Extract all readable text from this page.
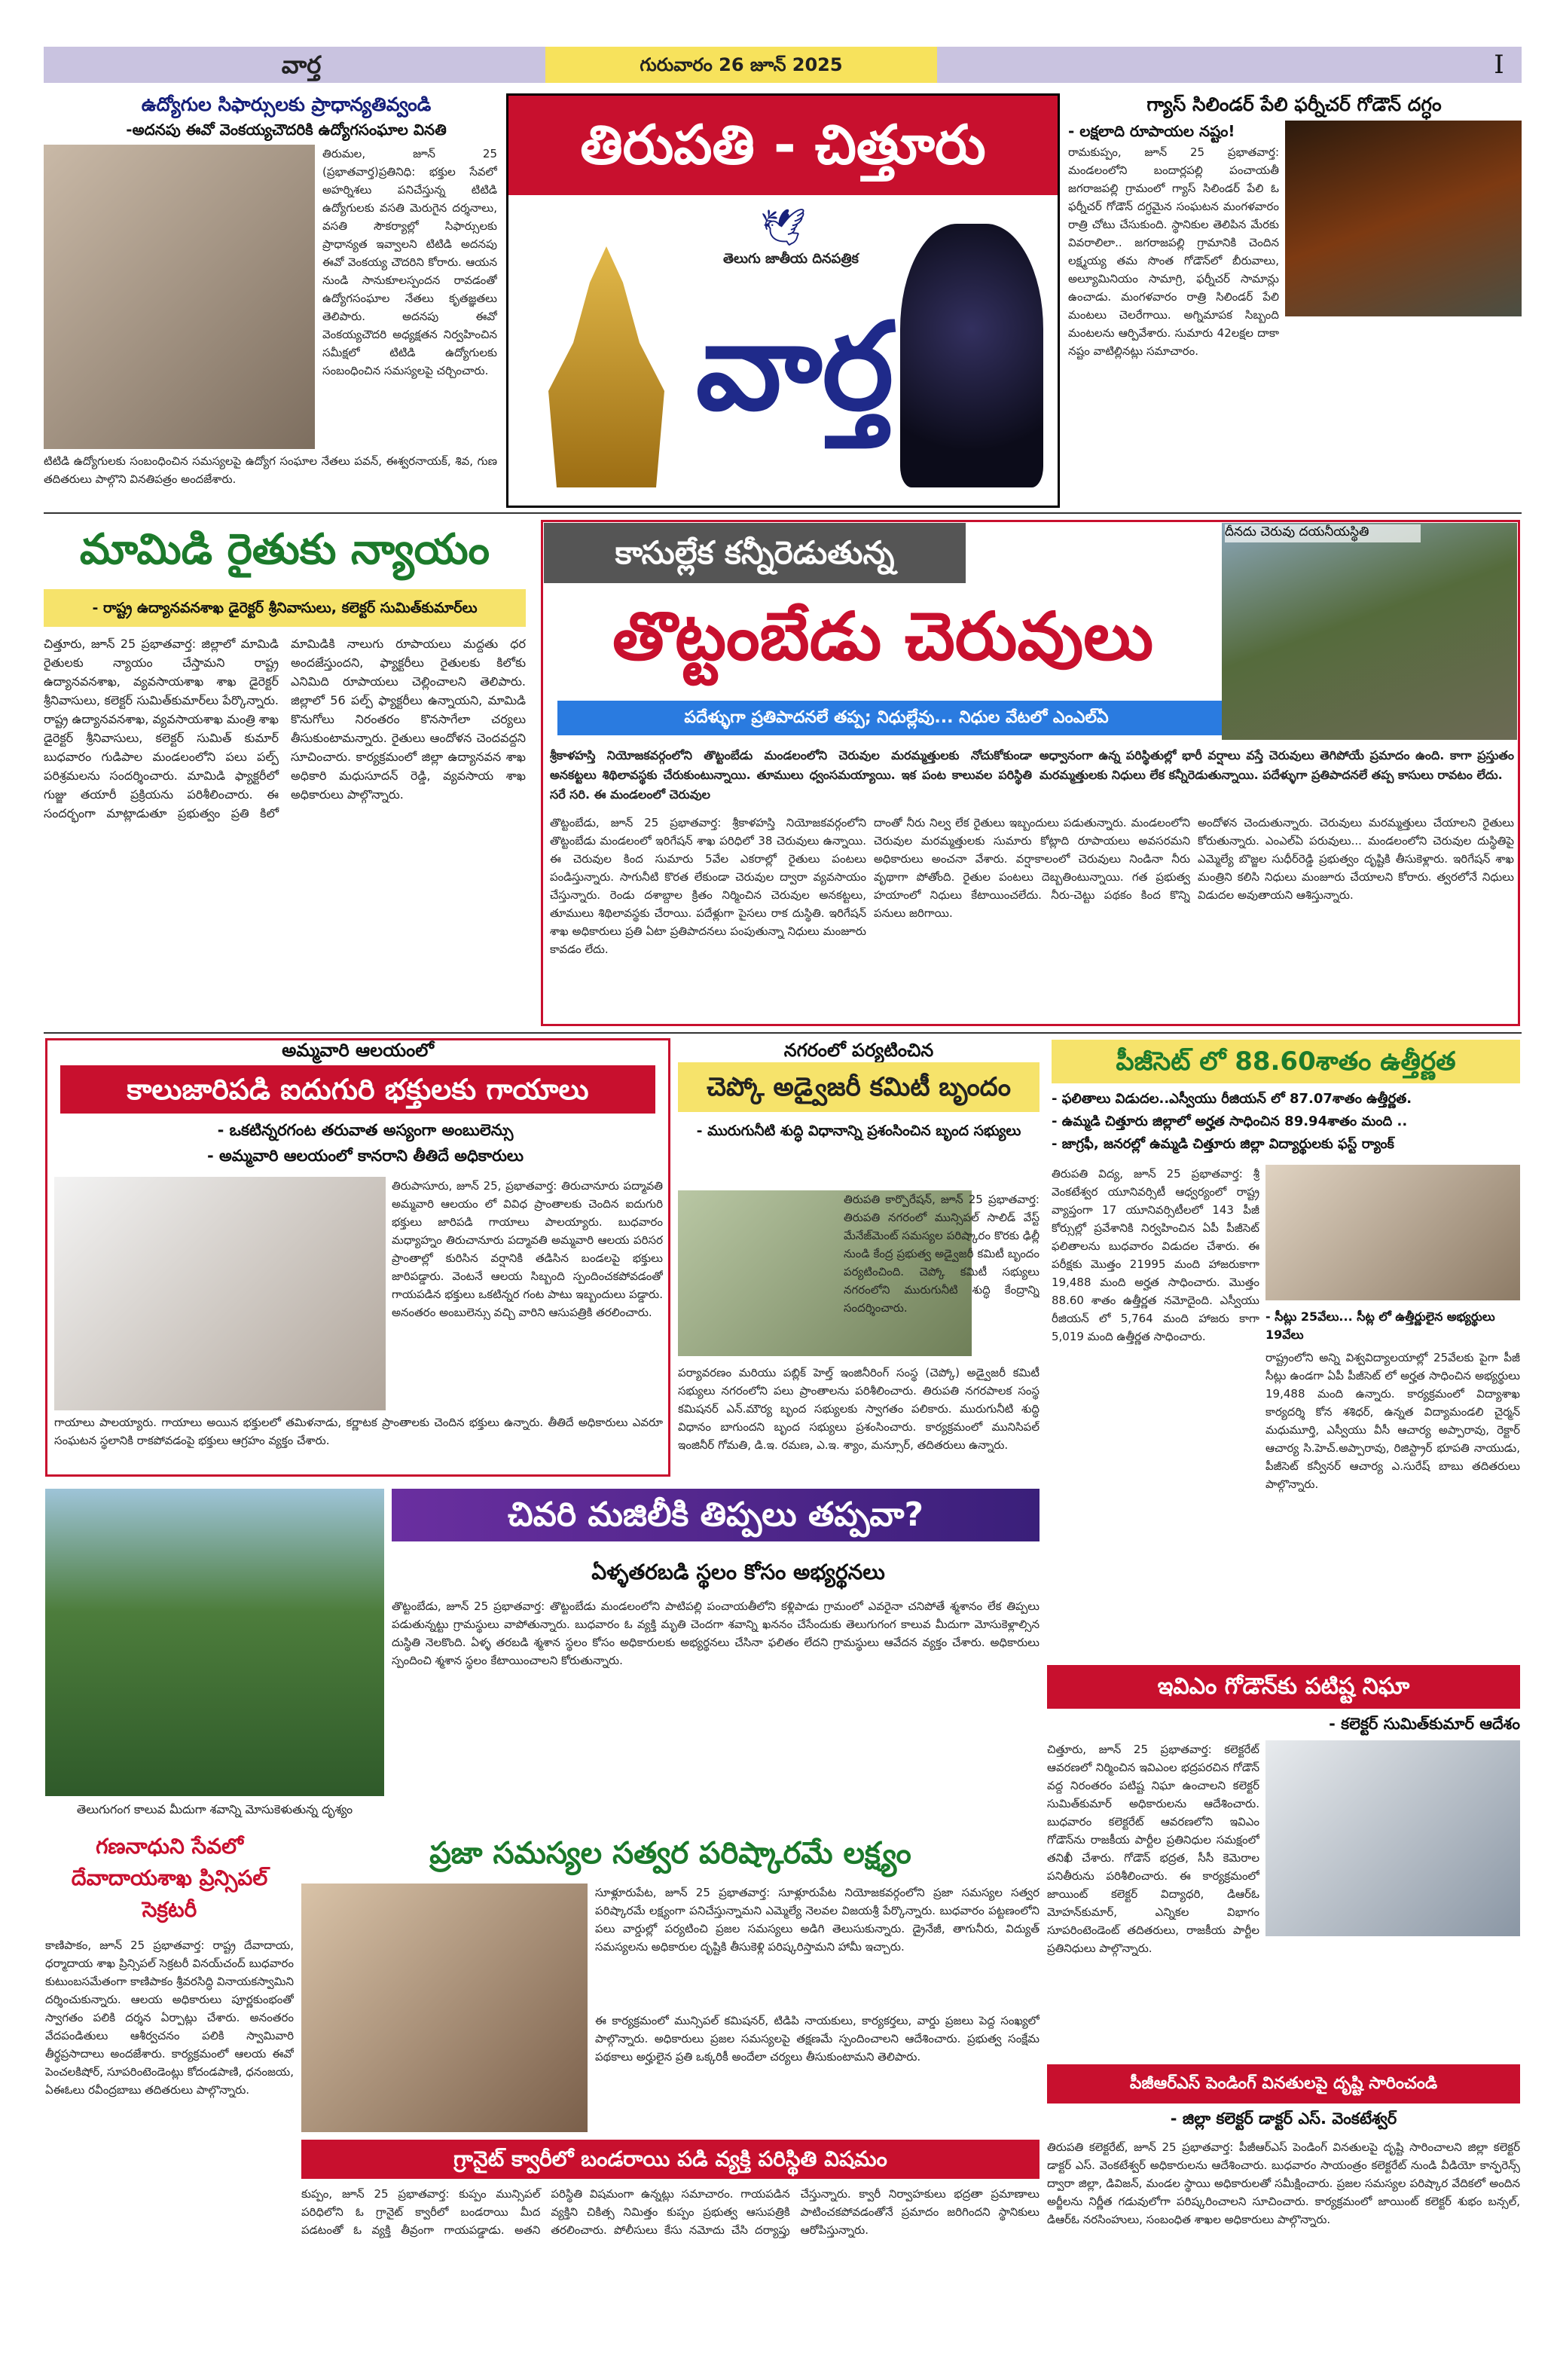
వార్త	గురువారం 26 జూన్ 2025	I
ఉద్యోగుల సిఫార్సులకు ప్రాధాన్యతివ్వండి
-అదనపు ఈవో వెంకయ్యచౌదరికి ఉద్యోగసంఘాల వినతి
తిరుమల, జూన్ 25 (ప్రభాతవార్త)ప్రతినిధి: భక్తుల సేవలో అహర్నిశలు పనిచేస్తున్న టిటిడి ఉద్యోగులకు వసతి మెరుగైన దర్శనాలు, వసతి సౌకర్యాల్లో సిఫార్సులకు ప్రాధాన్యత ఇవ్వాలని టిటిడి అదనపు ఈవో వెంకయ్య చౌదరిని కోరారు. ఆయన నుండి సానుకూలస్పందన రావడంతో ఉద్యోగసంఘాల నేతలు కృతజ్ఞతలు తెలిపారు. అదనపు ఈవో వెంకయ్యచౌదరి అధ్యక్షతన నిర్వహించిన సమీక్షలో టిటిడి ఉద్యోగులకు సంబంధించిన సమస్యలపై చర్చించారు.
టిటిడి ఉద్యోగులకు సంబంధించిన సమస్యలపై ఉద్యోగ సంఘాల నేతలు పవన్, ఈశ్వరనాయక్, శివ, గుణ తదితరులు పాల్గొని వినతిపత్రం అందజేశారు.
తిరుపతి - చిత్తూరు
🕊
తెలుగు జాతీయ దినపత్రిక
వార్త
గ్యాస్ సిలిండర్ పేలి ఫర్నీచర్ గోడౌన్ దగ్ధం
- లక్షలాది రూపాయల నష్టం!
రామకుప్పం, జూన్ 25 ప్రభాతవార్త: మండలంలోని బందార్లపల్లి పంచాయతీ జగరాజపల్లి గ్రామంలో గ్యాస్ సిలిండర్ పేలి ఓ ఫర్నీచర్ గోడౌన్ దగ్ధమైన సంఘటన మంగళవారం రాత్రి చోటు చేసుకుంది. స్థానికుల తెలిపిన మేరకు వివరాలిలా.. జగరాజపల్లి గ్రామానికి చెందిన లక్ష్మయ్య తమ సొంత గోడౌన్‌లో బీరువాలు, అల్యూమినియం సామాగ్రి, ఫర్నీచర్ సామాన్లు ఉంచాడు. మంగళవారం రాత్రి సిలిండర్ పేలి మంటలు చెలరేగాయి. అగ్నిమాపక సిబ్బంది మంటలను ఆర్పివేశారు. సుమారు 42లక్షల దాకా నష్టం వాటిల్లినట్లు సమాచారం.
మామిడి రైతుకు న్యాయం
- రాష్ట్ర ఉద్యానవనశాఖ డైరెక్టర్ శ్రీనివాసులు, కలెక్టర్ సుమిత్‌కుమార్‌లు
చిత్తూరు, జూన్ 25 ప్రభాతవార్త: జిల్లాలో మామిడి రైతులకు న్యాయం చేస్తామని రాష్ట్ర ఉద్యానవనశాఖ, వ్యవసాయశాఖ శాఖ డైరెక్టర్ శ్రీనివాసులు, కలెక్టర్ సుమిత్‌కుమార్‌లు పేర్కొన్నారు. రాష్ట్ర ఉద్యానవనశాఖ, వ్యవసాయశాఖ మంత్రి శాఖ డైరెక్టర్ శ్రీనివాసులు, కలెక్టర్ సుమిత్ కుమార్ బుధవారం గుడిపాల మండలంలోని పలు పల్ప్ పరిశ్రమలను సందర్శించారు. మామిడి ఫ్యాక్టరీలో గుజ్జు తయారీ ప్రక్రియను పరిశీలించారు. ఈ సందర్భంగా మాట్లాడుతూ ప్రభుత్వం ప్రతి కిలో మామిడికి నాలుగు రూపాయలు మద్దతు ధర అందజేస్తుందని, ఫ్యాక్టరీలు రైతులకు కిలోకు ఎనిమిది రూపాయలు చెల్లించాలని తెలిపారు. జిల్లాలో 56 పల్ప్ ఫ్యాక్టరీలు ఉన్నాయని, మామిడి కొనుగోలు నిరంతరం కొనసాగేలా చర్యలు తీసుకుంటామన్నారు. రైతులు ఆందోళన చెందవద్దని సూచించారు. కార్యక్రమంలో జిల్లా ఉద్యానవన శాఖ అధికారి మధుసూదన్ రెడ్డి, వ్యవసాయ శాఖ అధికారులు పాల్గొన్నారు.
కాసుల్లేక కన్నీరెడుతున్న
తొట్టంబేడు చెరువులు
పదేళ్ళుగా ప్రతిపాదనలే తప్ప; నిధుల్లేవు... నిధుల వేటలో ఎంఎల్ఏ
దీనదు చెరువు దయనీయస్థితి
శ్రీకాళహస్తి నియోజకవర్గంలోని తొట్టంబేడు మండలంలోని చెరువుల మరమ్మత్తులకు నోచుకోకుండా అనకట్టలు శిథిలావస్థకు చేరుకుంటున్నాయి. తూములు ధ్వంసమయ్యాయి. ఇక పంట కాలువల పరిస్థితి సరే సరి. ఈ మండలంలో చెరువుల
అధ్వానంగా ఉన్న పరిస్థితుల్లో భారీ వర్షాలు వస్తే చెరువులు తెగిపోయే ప్రమాదం ఉంది. కాగా ప్రస్తుతం మరమ్మత్తులకు నిధులు లేక కన్నీరెడుతున్నాయి. పదేళ్ళుగా ప్రతిపాదనలే తప్ప కాసులు రావటం లేదు.
తొట్టంబేడు, జూన్ 25 ప్రభాతవార్త: శ్రీకాళహస్తి నియోజకవర్గంలోని తొట్టంబేడు మండలంలో ఇరిగేషన్ శాఖ పరిధిలో 38 చెరువులు ఉన్నాయి. ఈ చెరువుల కింద సుమారు 5వేల ఎకరాల్లో రైతులు పంటలు పండిస్తున్నారు. సాగునీటి కొరత లేకుండా చెరువుల ద్వారా వ్యవసాయం చేస్తున్నారు. రెండు దశాబ్దాల క్రితం నిర్మించిన చెరువుల అనకట్టలు, తూములు శిథిలావస్థకు చేరాయి. పదేళ్లుగా పైసలు రాక దుస్థితి. ఇరిగేషన్ శాఖ అధికారులు ప్రతి ఏటా ప్రతిపాదనలు పంపుతున్నా నిధులు మంజూరు కావడం లేదు.
దాంతో నీరు నిల్వ లేక రైతులు ఇబ్బందులు పడుతున్నారు. మండలంలోని చెరువుల మరమ్మత్తులకు సుమారు కోట్లాది రూపాయలు అవసరమని అధికారులు అంచనా వేశారు. వర్షాకాలంలో చెరువులు నిండినా నీరు వృథాగా పోతోంది. రైతుల పంటలు దెబ్బతింటున్నాయి. గత ప్రభుత్వ హయాంలో నిధులు కేటాయించలేదు. నీరు-చెట్టు పథకం కింద కొన్ని పనులు జరిగాయి.
అందోళన చెందుతున్నారు. చెరువులు మరమ్మత్తులు చేయాలని రైతులు కోరుతున్నారు. ఎంఎల్‌ఏ పరువులు... మండలంలోని చెరువుల దుస్థితిపై ఎమ్మెల్యే బొజ్జల సుధీర్‌రెడ్డి ప్రభుత్వం దృష్టికి తీసుకెళ్లారు. ఇరిగేషన్ శాఖ మంత్రిని కలిసి నిధులు మంజూరు చేయాలని కోరారు. త్వరలోనే నిధులు విడుదల అవుతాయని ఆశిస్తున్నారు.
అమ్మవారి ఆలయంలో
కాలుజారిపడి ఐదుగురి భక్తులకు గాయాలు
- ఒకటిన్నరగంట తరువాత అస్యంగా అంబులెన్సు
- అమ్మవారి ఆలయంలో కానరాని తీతిదే అధికారులు
తిరుపాసూరు, జూన్ 25, ప్రభాతవార్త: తిరుచానూరు పద్మావతి అమ్మవారి ఆలయం లో వివిధ ప్రాంతాలకు చెందిన ఐదుగురి భక్తులు జారిపడి గాయాలు పాలయ్యారు. బుధవారం మధ్యాహ్నం తిరుచానూరు పద్మావతి అమ్మవారి ఆలయ పరిసర ప్రాంతాల్లో కురిసిన వర్షానికి తడిసిన బండలపై భక్తులు జారిపడ్డారు. వెంటనే ఆలయ సిబ్బంది స్పందించకపోవడంతో గాయపడిన భక్తులు ఒకటిన్నర గంట పాటు ఇబ్బందులు పడ్డారు. అనంతరం అంబులెన్సు వచ్చి వారిని ఆసుపత్రికి తరలించారు.
గాయాలు పాలయ్యారు. గాయాలు అయిన భక్తులలో తమిళనాడు, కర్ణాటక ప్రాంతాలకు చెందిన భక్తులు ఉన్నారు. తీతిదే అధికారులు ఎవరూ సంఘటన స్థలానికి రాకపోవడంపై భక్తులు ఆగ్రహం వ్యక్తం చేశారు.
నగరంలో పర్యటించిన
చెప్కో అడ్వైజరీ కమిటీ బృందం
- మురుగునీటి శుద్ధి విధానాన్ని ప్రశంసించిన బృంద సభ్యులు
తిరుపతి కార్పొరేషన్, జూన్ 25 ప్రభాతవార్త: తిరుపతి నగరంలో మున్సిపల్ సాలిడ్ వేస్ట్ మేనేజ్‌మెంట్ సమస్యల పరిష్కారం కొరకు ఢిల్లీ నుండి కేంద్ర ప్రభుత్వ అడ్వైజరీ కమిటీ బృందం పర్యటించింది. చెప్కో కమిటీ సభ్యులు నగరంలోని మురుగునీటి శుద్ధి కేంద్రాన్ని సందర్శించారు.
పర్యావరణం మరియు పబ్లిక్ హెల్త్ ఇంజినీరింగ్ సంస్థ (చెప్కో) అడ్వైజరీ కమిటీ సభ్యులు నగరంలోని పలు ప్రాంతాలను పరిశీలించారు. తిరుపతి నగరపాలక సంస్థ కమిషనర్ ఎన్.మౌర్య బృంద సభ్యులకు స్వాగతం పలికారు. మురుగునీటి శుద్ధి విధానం బాగుందని బృంద సభ్యులు ప్రశంసించారు. కార్యక్రమంలో మునిసిపల్ ఇంజినీర్ గోమతి, డి.ఇ. రమణ, ఎ.ఇ. శ్యాం, మన్సూర్, తదితరులు ఉన్నారు.
పీజీసెట్ లో 88.60శాతం ఉత్తీర్ణత
- ఫలితాలు విడుదల..ఎస్వీయు రీజియన్ లో 87.07శాతం ఉత్తీర్ణత.
- ఉమ్మడి చిత్తూరు జిల్లాలో అర్హత సాధించిన 89.94శాతం మంది ..
- జాగ్రఫీ, జనరల్లో ఉమ్మడి చిత్తూరు జిల్లా విద్యార్థులకు ఫస్ట్ ర్యాంక్
తిరుపతి విద్య, జూన్ 25 ప్రభాతవార్త: శ్రీ వెంకటేశ్వర యూనివర్సిటీ ఆధ్వర్యంలో రాష్ట్ర వ్యాప్తంగా 17 యూనివర్సిటీలలో 143 పీజీ కోర్సుల్లో ప్రవేశానికి నిర్వహించిన ఏపీ పీజీసెట్ ఫలితాలను బుధవారం విడుదల చేశారు. ఈ పరీక్షకు మొత్తం 21995 మంది హాజరుకాగా 19,488 మంది అర్హత సాధించారు. మొత్తం 88.60 శాతం ఉత్తీర్ణత నమోదైంది. ఎస్వీయు రీజియన్ లో 5,764 మంది హాజరు కాగా 5,019 మంది ఉత్తీర్ణత సాధించారు.
- సీట్లు 25వేలు... సీట్ల లో ఉత్తీర్ణులైన అభ్యర్థులు 19వేలు
రాష్ట్రంలోని అన్ని విశ్వవిద్యాలయాల్లో 25వేలకు పైగా పీజీ సీట్లు ఉండగా ఏపీ పీజీసెట్ లో అర్హత సాధించిన అభ్యర్థులు 19,488 మంది ఉన్నారు. కార్యక్రమంలో విద్యాశాఖ కార్యదర్శి కోన శశిధర్, ఉన్నత విద్యామండలి చైర్మన్ మధుమూర్తి, ఎస్వీయు వీసీ ఆచార్య అప్పారావు, రెక్టార్ ఆచార్య సి.హెచ్.అప్పారావు, రిజిస్ట్రార్ భూపతి నాయుడు, పీజీసెట్ కన్వీనర్ ఆచార్య ఎ.సురేష్ బాబు తదితరులు పాల్గొన్నారు.
చివరి మజిలీకి తిప్పలు తప్పవా?
తెలుగుగంగ కాలువ మీదుగా శవాన్ని మోసుకెళుతున్న దృశ్యం
ఏళ్ళతరబడి స్థలం కోసం అభ్యర్థనలు
తొట్టంబేడు, జూన్ 25 ప్రభాతవార్త: తొట్టంబేడు మండలంలోని పాటిపల్లి పంచాయతీలోని కళ్లిపాడు గ్రామంలో ఎవరైనా చనిపోతే శ్మశానం లేక తిప్పలు పడుతున్నట్టు గ్రామస్థులు వాపోతున్నారు. బుధవారం ఓ వ్యక్తి మృతి చెందగా శవాన్ని ఖననం చేసేందుకు తెలుగుగంగ కాలువ మీదుగా మోసుకెళ్లాల్సిన దుస్థితి నెలకొంది. ఏళ్ళ తరబడి శ్మశాన స్థలం కోసం అధికారులకు అభ్యర్థనలు చేసినా ఫలితం లేదని గ్రామస్థులు ఆవేదన వ్యక్తం చేశారు. అధికారులు స్పందించి శ్మశాన స్థలం కేటాయించాలని కోరుతున్నారు.
ఇవిఎం గోడౌన్‌కు పటిష్ట నిఘా
- కలెక్టర్ సుమిత్‌కుమార్ ఆదేశం
చిత్తూరు, జూన్ 25 ప్రభాతవార్త: కలెక్టరేట్ ఆవరణలో నిర్మించిన ఇవిఎంల భద్రపరచిన గోడౌన్ వద్ద నిరంతరం పటిష్ట నిఘా ఉంచాలని కలెక్టర్ సుమిత్‌కుమార్ అధికారులను ఆదేశించారు. బుధవారం కలెక్టరేట్ ఆవరణలోని ఇవిఎం గోడౌన్‌ను రాజకీయ పార్టీల ప్రతినిధుల సమక్షంలో తనిఖీ చేశారు. గోడౌన్ భద్రత, సీసీ కెమెరాల పనితీరును పరిశీలించారు. ఈ కార్యక్రమంలో జాయింట్ కలెక్టర్ విద్యాధరి, డిఆర్‌ఓ మోహన్‌కుమార్, ఎన్నికల విభాగం సూపరింటెండెంట్ తదితరులు, రాజకీయ పార్టీల ప్రతినిధులు పాల్గొన్నారు.
పీజీఆర్ఎస్ పెండింగ్ వినతులపై దృష్టి సారించండి
- జిల్లా కలెక్టర్ డాక్టర్ ఎస్. వెంకటేశ్వర్
తిరుపతి కలెక్టరేట్, జూన్ 25 ప్రభాతవార్త: పీజీఆర్ఎస్ పెండింగ్ వినతులపై దృష్టి సారించాలని జిల్లా కలెక్టర్ డాక్టర్ ఎస్. వెంకటేశ్వర్ అధికారులను ఆదేశించారు. బుధవారం సాయంత్రం కలెక్టరేట్ నుండి వీడియో కాన్ఫరెన్స్ ద్వారా జిల్లా, డివిజన్, మండల స్థాయి అధికారులతో సమీక్షించారు. ప్రజల సమస్యల పరిష్కార వేదికలో అందిన అర్జీలను నిర్ణీత గడువులోగా పరిష్కరించాలని సూచించారు. కార్యక్రమంలో జాయింట్ కలెక్టర్ శుభం బన్సల్, డిఆర్‌ఓ నరసింహులు, సంబంధిత శాఖల అధికారులు పాల్గొన్నారు.
గణనాధుని సేవలో దేవాదాయశాఖ ప్రిన్సిపల్ సెక్రటరీ
కాణిపాకం, జూన్ 25 ప్రభాతవార్త: రాష్ట్ర దేవాదాయ, ధర్మాదాయ శాఖ ప్రిన్సిపల్ సెక్రటరీ వినయ్‌చంద్ బుధవారం కుటుంబసమేతంగా కాణిపాకం శ్రీవరసిద్ధి వినాయకస్వామిని దర్శించుకున్నారు. ఆలయ అధికారులు పూర్ణకుంభంతో స్వాగతం పలికి దర్శన ఏర్పాట్లు చేశారు. అనంతరం వేదపండితులు ఆశీర్వచనం పలికి స్వామివారి తీర్థప్రసాదాలు అందజేశారు. కార్యక్రమంలో ఆలయ ఈవో పెంచలకిషోర్, సూపరింటెండెంట్లు కోదండపాణి, ధనంజయ, ఏఈఓలు రవీంద్రబాబు తదితరులు పాల్గొన్నారు.
ప్రజా సమస్యల సత్వర పరిష్కారమే లక్ష్యం
సూళ్లూరుపేట, జూన్ 25 ప్రభాతవార్త: సూళ్లూరుపేట నియోజకవర్గంలోని ప్రజా సమస్యల సత్వర పరిష్కారమే లక్ష్యంగా పనిచేస్తున్నామని ఎమ్మెల్యే నెలవల విజయశ్రీ పేర్కొన్నారు. బుధవారం పట్టణంలోని పలు వార్డుల్లో పర్యటించి ప్రజల సమస్యలు అడిగి తెలుసుకున్నారు. డ్రైనేజీ, తాగునీరు, విద్యుత్ సమస్యలను అధికారుల దృష్టికి తీసుకెళ్లి పరిష్కరిస్తామని హామీ ఇచ్చారు.
ఈ కార్యక్రమంలో మున్సిపల్ కమిషనర్, టిడిపి నాయకులు, కార్యకర్తలు, వార్డు ప్రజలు పెద్ద సంఖ్యలో పాల్గొన్నారు. అధికారులు ప్రజల సమస్యలపై తక్షణమే స్పందించాలని ఆదేశించారు. ప్రభుత్వ సంక్షేమ పథకాలు అర్హులైన ప్రతి ఒక్కరికీ అందేలా చర్యలు తీసుకుంటామని తెలిపారు.
గ్రానైట్ క్వారీలో బండరాయి పడి వ్యక్తి పరిస్థితి విషమం
కుప్పం, జూన్ 25 ప్రభాతవార్త: కుప్పం మున్సిపల్ పరిధిలోని ఓ గ్రానైట్ క్వారీలో బండరాయి మీద పడటంతో ఓ వ్యక్తి తీవ్రంగా గాయపడ్డాడు. అతని పరిస్థితి విషమంగా ఉన్నట్లు సమాచారం. గాయపడిన వ్యక్తిని చికిత్స నిమిత్తం కుప్పం ప్రభుత్వ ఆసుపత్రికి తరలించారు. పోలీసులు కేసు నమోదు చేసి దర్యాప్తు చేస్తున్నారు. క్వారీ నిర్వాహకులు భద్రతా ప్రమాణాలు పాటించకపోవడంతోనే ప్రమాదం జరిగిందని స్థానికులు ఆరోపిస్తున్నారు.
